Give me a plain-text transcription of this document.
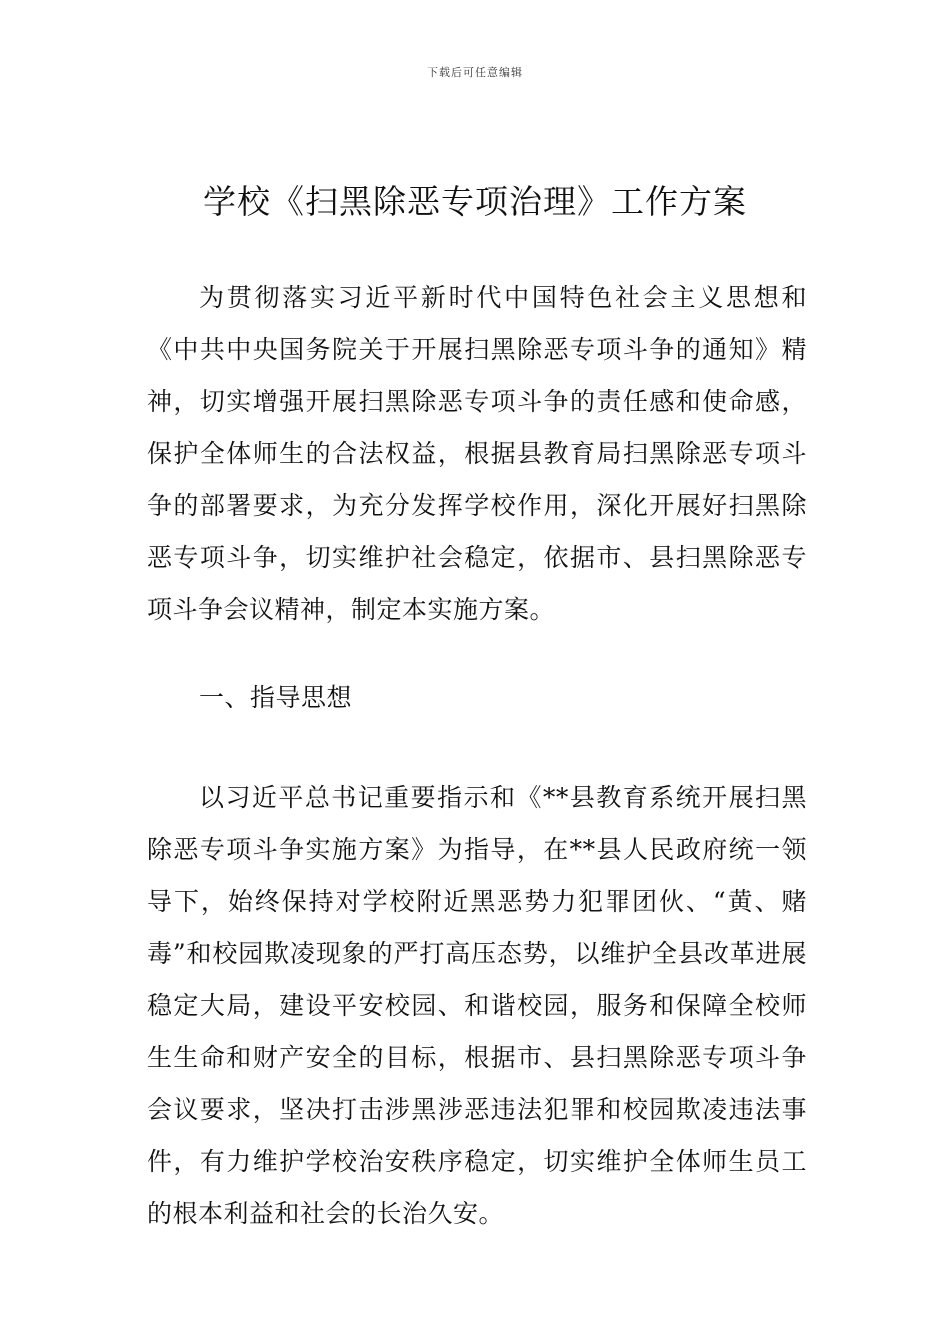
下载后可任意编辑
学校《扫黑除恶专项治理》工作方案

为贯彻落实习近平新时代中国特色社会主义思想和《中共中央国务院关于开展扫黑除恶专项斗争的通知》精神，切实增强开展扫黑除恶专项斗争的责任感和使命感，保护全体师生的合法权益，根据县教育局扫黑除恶专项斗争的部署要求，为充分发挥学校作用，深化开展好扫黑除恶专项斗争，切实维护社会稳定，依据市、县扫黑除恶专项斗争会议精神，制定本实施方案。

一、指导思想

以习近平总书记重要指示和《**县教育系统开展扫黑除恶专项斗争实施方案》为指导，在**县人民政府统一领导下，始终保持对学校附近黑恶势力犯罪团伙、“黄、赌毒”和校园欺凌现象的严打高压态势，以维护全县改革进展稳定大局，建设平安校园、和谐校园，服务和保障全校师生生命和财产安全的目标，根据市、县扫黑除恶专项斗争会议要求，坚决打击涉黑涉恶违法犯罪和校园欺凌违法事件，有力维护学校治安秩序稳定，切实维护全体师生员工的根本利益和社会的长治久安。
